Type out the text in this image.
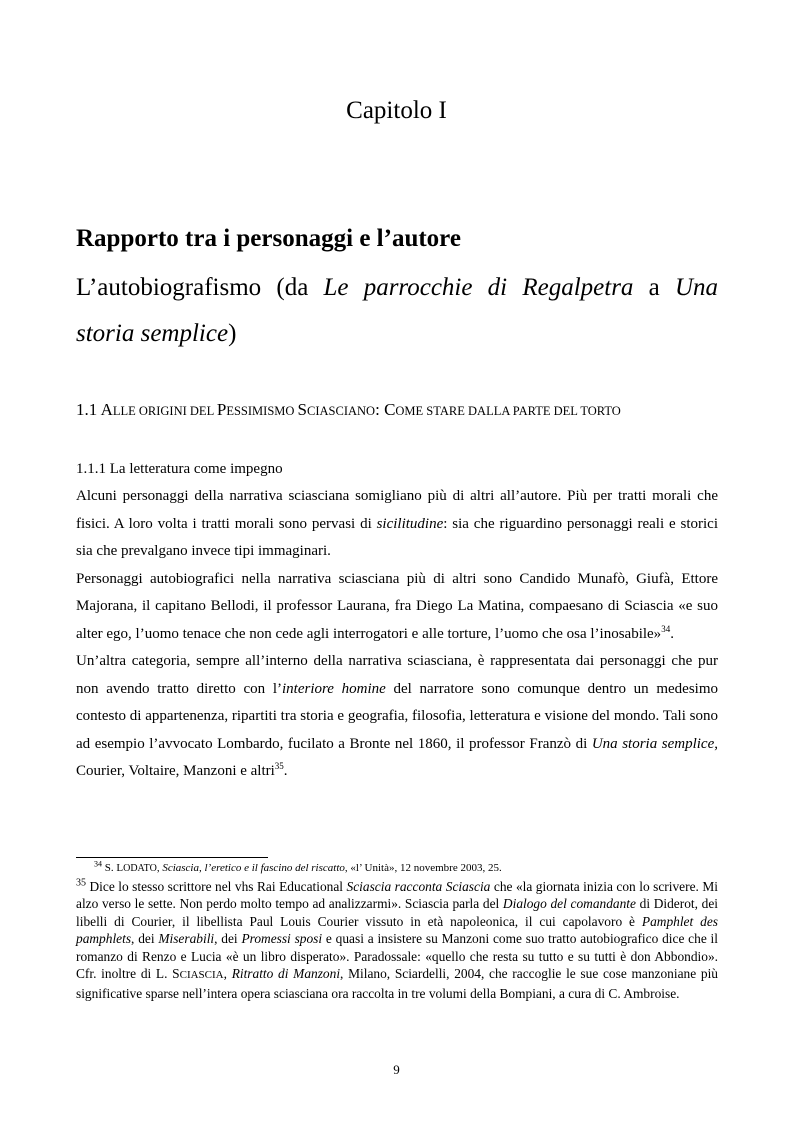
Capitolo I
Rapporto tra i personaggi e l’autore
L’autobiografismo (da Le parrocchie di Regalpetra a Una storia semplice)
1.1 ALLE ORIGINI DEL PESSIMISMO SCIASCIANO: COME STARE DALLA PARTE DEL TORTO
1.1.1 La letteratura come impegno

Alcuni personaggi della narrativa sciasciana somigliano più di altri all’autore. Più per tratti morali che fisici. A loro volta i tratti morali sono pervasi di sicilitudine: sia che riguardino personaggi reali e storici sia che prevalgano invece tipi immaginari.

Personaggi autobiografici nella narrativa sciasciana più di altri sono Candido Munafò, Giufà, Ettore Majorana, il capitano Bellodi, il professor Laurana, fra Diego La Matina, compaesano di Sciascia «e suo alter ego, l’uomo tenace che non cede agli interrogatori e alle torture, l’uomo che osa l’inosabile»$^{34}$.

Un’altra categoria, sempre all’interno della narrativa sciasciana, è rappresentata dai personaggi che pur non avendo tratto diretto con l’interiore homine del narratore sono comunque dentro un medesimo contesto di appartenenza, ripartiti tra storia e geografia, filosofia, letteratura e visione del mondo. Tali sono ad esempio l’avvocato Lombardo, fucilato a Bronte nel 1860, il professor Franzò di Una storia semplice, Courier, Voltaire, Manzoni e altri$^{35}$.

$^{34}$ S. LODATO, Sciascia, l’eretico e il fascino del riscatto, «l’ Unità», 12 novembre 2003, 25.

$^{35}$ Dice lo stesso scrittore nel vhs Rai Educational Sciascia racconta Sciascia che «la giornata inizia con lo scrivere. Mi alzo verso le sette. Non perdo molto tempo ad analizzarmi». Sciascia parla del Dialogo del comandante di Diderot, dei libelli di Courier, il libellista Paul Louis Courier vissuto in età napoleonica, il cui capolavoro è Pamphlet des pamphlets, dei Miserabili, dei Promessi sposi e quasi a insistere su Manzoni come suo tratto autobiografico dice che il romanzo di Renzo e Lucia «è un libro disperato». Paradossale: «quello che resta su tutto e su tutti è don Abbondio». Cfr. inoltre di L. SCIASCIA, Ritratto di Manzoni, Milano, Sciardelli, 2004, che raccoglie le sue cose manzoniane più significative sparse nell’intera opera sciasciana ora raccolta in tre volumi della Bompiani, a cura di C. Ambroise.

9
